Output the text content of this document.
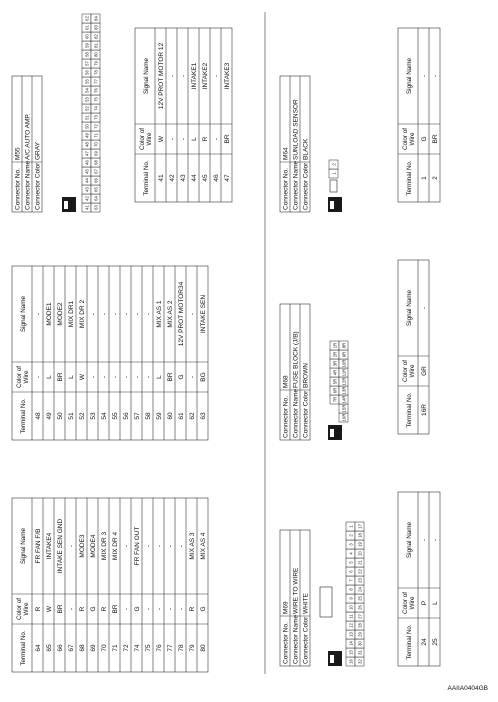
Connector No.
M55
Connector Name
A/C AUTO AMP.
Connector Color
GRAY
H.S. 41
42
43
44
45
46
47
48
49
50
51
52
53
54
55
56
57
58
59
60
61
62
63
64
65
66
67
68
69
70
71
72
73
74
75
76
77
78
79
80
81
82
83
84
Terminal No.
Color of Wire
Signal Name
41
W
12V PROT MOTOR 12
42
-
-
43
-
-
44
L
INTAKE1
45
R
INTAKE2
46
-
-
47
BR
INTAKE3
Terminal No.
Color of Wire
Signal Name
48
-
-
49
L
MODE1
50
BR
MODE2
51
L
MIX DR1
52
W
MIX DR 2
53
-
-
54
-
-
55
-
-
56
-
-
57
-
-
58
-
-
59
L
MIX AS 1
60
BR
MIX AS 2
61
G
12V PROT MOTOR34
62
-
-
63
BG
INTAKE SEN
Terminal No.
Color of Wire
Signal Name
64
R
FR FAN F/B
65
W
INTAKE4
66
BR
INTAKE SEN GND
67
-
-
68
R
MODE3
69
G
MODE4
70
R
MIX DR 3
71
BR
MIX DR 4
72
-
-
74
G
FR FAN OUT
75
-
-
76
-
-
77
-
-
78
-
-
79
R
MIX AS 3
80
G
MIX AS 4
Connector No.
M64
Connector Name
SUNLOAD SENSOR
Connector Color
BLACK
H.S.
1
2	Terminal No.
Color of Wire
Signal Name
1
G
-
2
BR
-
Connector No.
M68
Connector Name
FUSE BLOCK (J/B)
Connector Color
BROWN
H.S.
7R
6R
5R
4R
3R
2R
1R
16R
15R
14R
13R
12R
11R
10R
9R
8R
Terminal No.
Color of Wire
Signal Name
16R
GR
-
Connector No.
M69
Connector Name
WIRE TO WIRE
Connector Color
WHITE
H.S. 16
15
14
13
12
11
10
9
8
7
6
5
4
3
2
1
32
31
30
29
28
27
26
25
24
23
22
21
20
19
18
17
Terminal No.
Color of Wire
Signal Name
24
P
-
25
L
-
AAIIA0404GB
